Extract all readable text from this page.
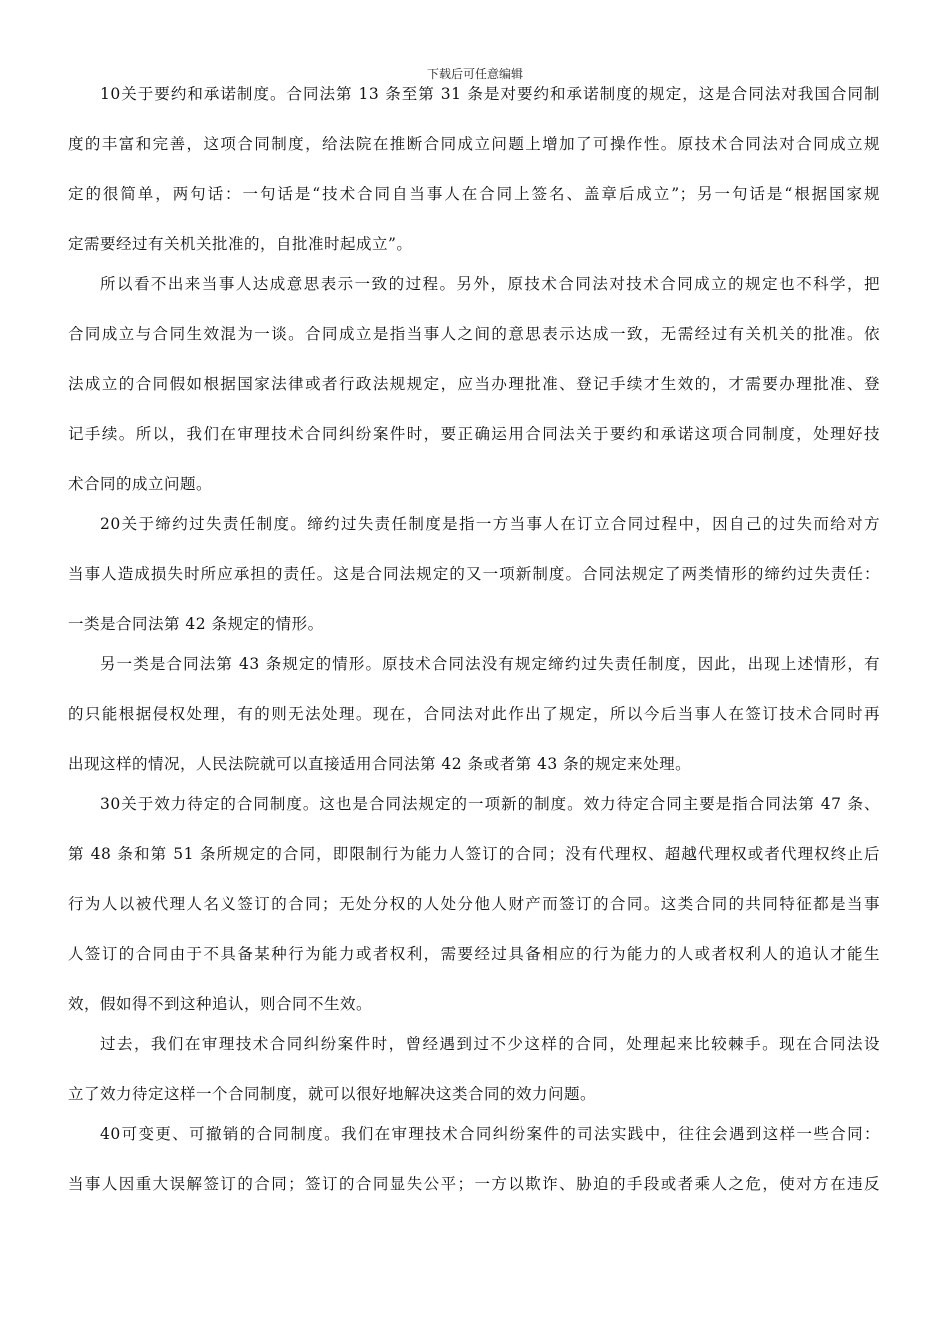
下载后可任意编辑
10关于要约和承诺制度。合同法第 13 条至第 31 条是对要约和承诺制度的规定，这是合同法对我国合同制
度的丰富和完善，这项合同制度，给法院在推断合同成立问题上增加了可操作性。原技术合同法对合同成立规
定的很简单，两句话：一句话是“技术合同自当事人在合同上签名、盖章后成立”；另一句话是“根据国家规
定需要经过有关机关批准的，自批准时起成立”。
所以看不出来当事人达成意思表示一致的过程。另外，原技术合同法对技术合同成立的规定也不科学，把
合同成立与合同生效混为一谈。合同成立是指当事人之间的意思表示达成一致，无需经过有关机关的批准。依
法成立的合同假如根据国家法律或者行政法规规定，应当办理批准、登记手续才生效的，才需要办理批准、登
记手续。所以，我们在审理技术合同纠纷案件时，要正确运用合同法关于要约和承诺这项合同制度，处理好技
术合同的成立问题。
20关于缔约过失责任制度。缔约过失责任制度是指一方当事人在订立合同过程中，因自己的过失而给对方
当事人造成损失时所应承担的责任。这是合同法规定的又一项新制度。合同法规定了两类情形的缔约过失责任：
一类是合同法第 42 条规定的情形。
另一类是合同法第 43 条规定的情形。原技术合同法没有规定缔约过失责任制度，因此，出现上述情形，有
的只能根据侵权处理，有的则无法处理。现在，合同法对此作出了规定，所以今后当事人在签订技术合同时再
出现这样的情况，人民法院就可以直接适用合同法第 42 条或者第 43 条的规定来处理。
30关于效力待定的合同制度。这也是合同法规定的一项新的制度。效力待定合同主要是指合同法第 47 条、
第 48 条和第 51 条所规定的合同，即限制行为能力人签订的合同；没有代理权、超越代理权或者代理权终止后
行为人以被代理人名义签订的合同；无处分权的人处分他人财产而签订的合同。这类合同的共同特征都是当事
人签订的合同由于不具备某种行为能力或者权利，需要经过具备相应的行为能力的人或者权利人的追认才能生
效，假如得不到这种追认，则合同不生效。
过去，我们在审理技术合同纠纷案件时，曾经遇到过不少这样的合同，处理起来比较棘手。现在合同法设
立了效力待定这样一个合同制度，就可以很好地解决这类合同的效力问题。
40可变更、可撤销的合同制度。我们在审理技术合同纠纷案件的司法实践中，往往会遇到这样一些合同：
当事人因重大误解签订的合同；签订的合同显失公平；一方以欺诈、胁迫的手段或者乘人之危，使对方在违反
